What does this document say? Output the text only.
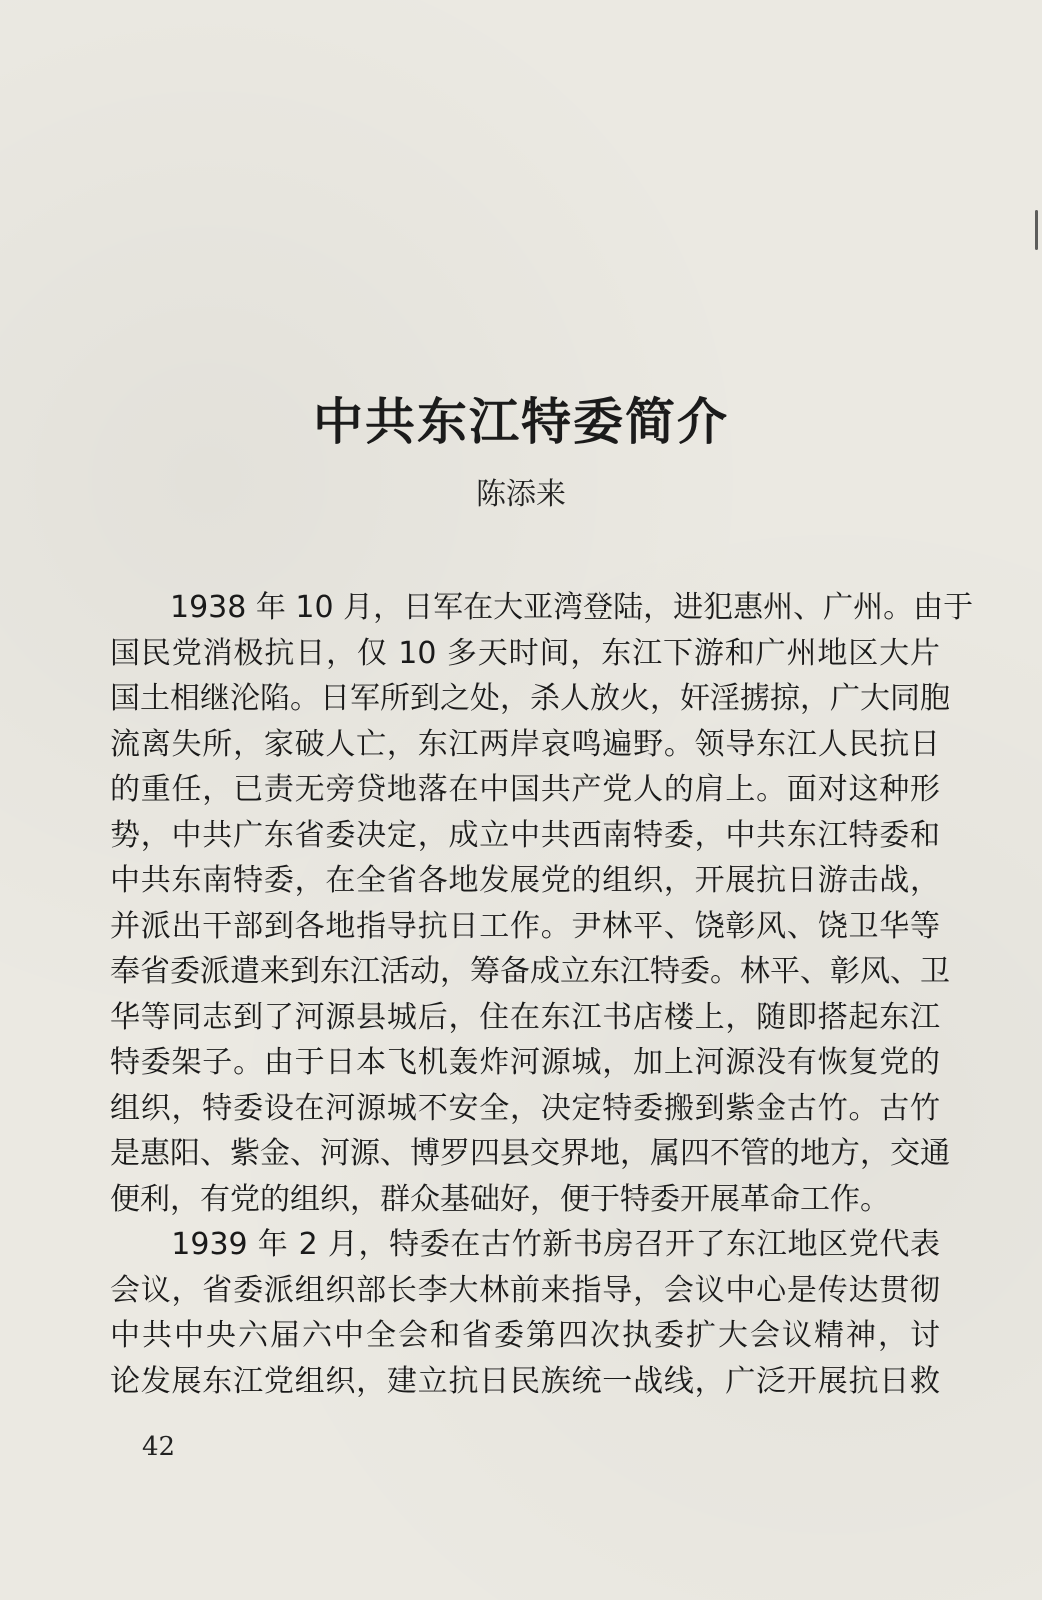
中共东江特委简介
陈添来
　　1938 年 10 月，日军在大亚湾登陆，进犯惠州、广州。由于
国民党消极抗日，仅 10 多天时间，东江下游和广州地区大片
国土相继沦陷。日军所到之处，杀人放火，奸淫掳掠，广大同胞
流离失所，家破人亡，东江两岸哀鸣遍野。领导东江人民抗日
的重任，已责无旁贷地落在中国共产党人的肩上。面对这种形
势，中共广东省委决定，成立中共西南特委，中共东江特委和
中共东南特委，在全省各地发展党的组织，开展抗日游击战，
并派出干部到各地指导抗日工作。尹林平、饶彰风、饶卫华等
奉省委派遣来到东江活动，筹备成立东江特委。林平、彰风、卫
华等同志到了河源县城后，住在东江书店楼上，随即搭起东江
特委架子。由于日本飞机轰炸河源城，加上河源没有恢复党的
组织，特委设在河源城不安全，决定特委搬到紫金古竹。古竹
是惠阳、紫金、河源、博罗四县交界地，属四不管的地方，交通
便利，有党的组织，群众基础好，便于特委开展革命工作。
　　1939 年 2 月，特委在古竹新书房召开了东江地区党代表
会议，省委派组织部长李大林前来指导，会议中心是传达贯彻
中共中央六届六中全会和省委第四次执委扩大会议精神，讨
论发展东江党组织，建立抗日民族统一战线，广泛开展抗日救
42
